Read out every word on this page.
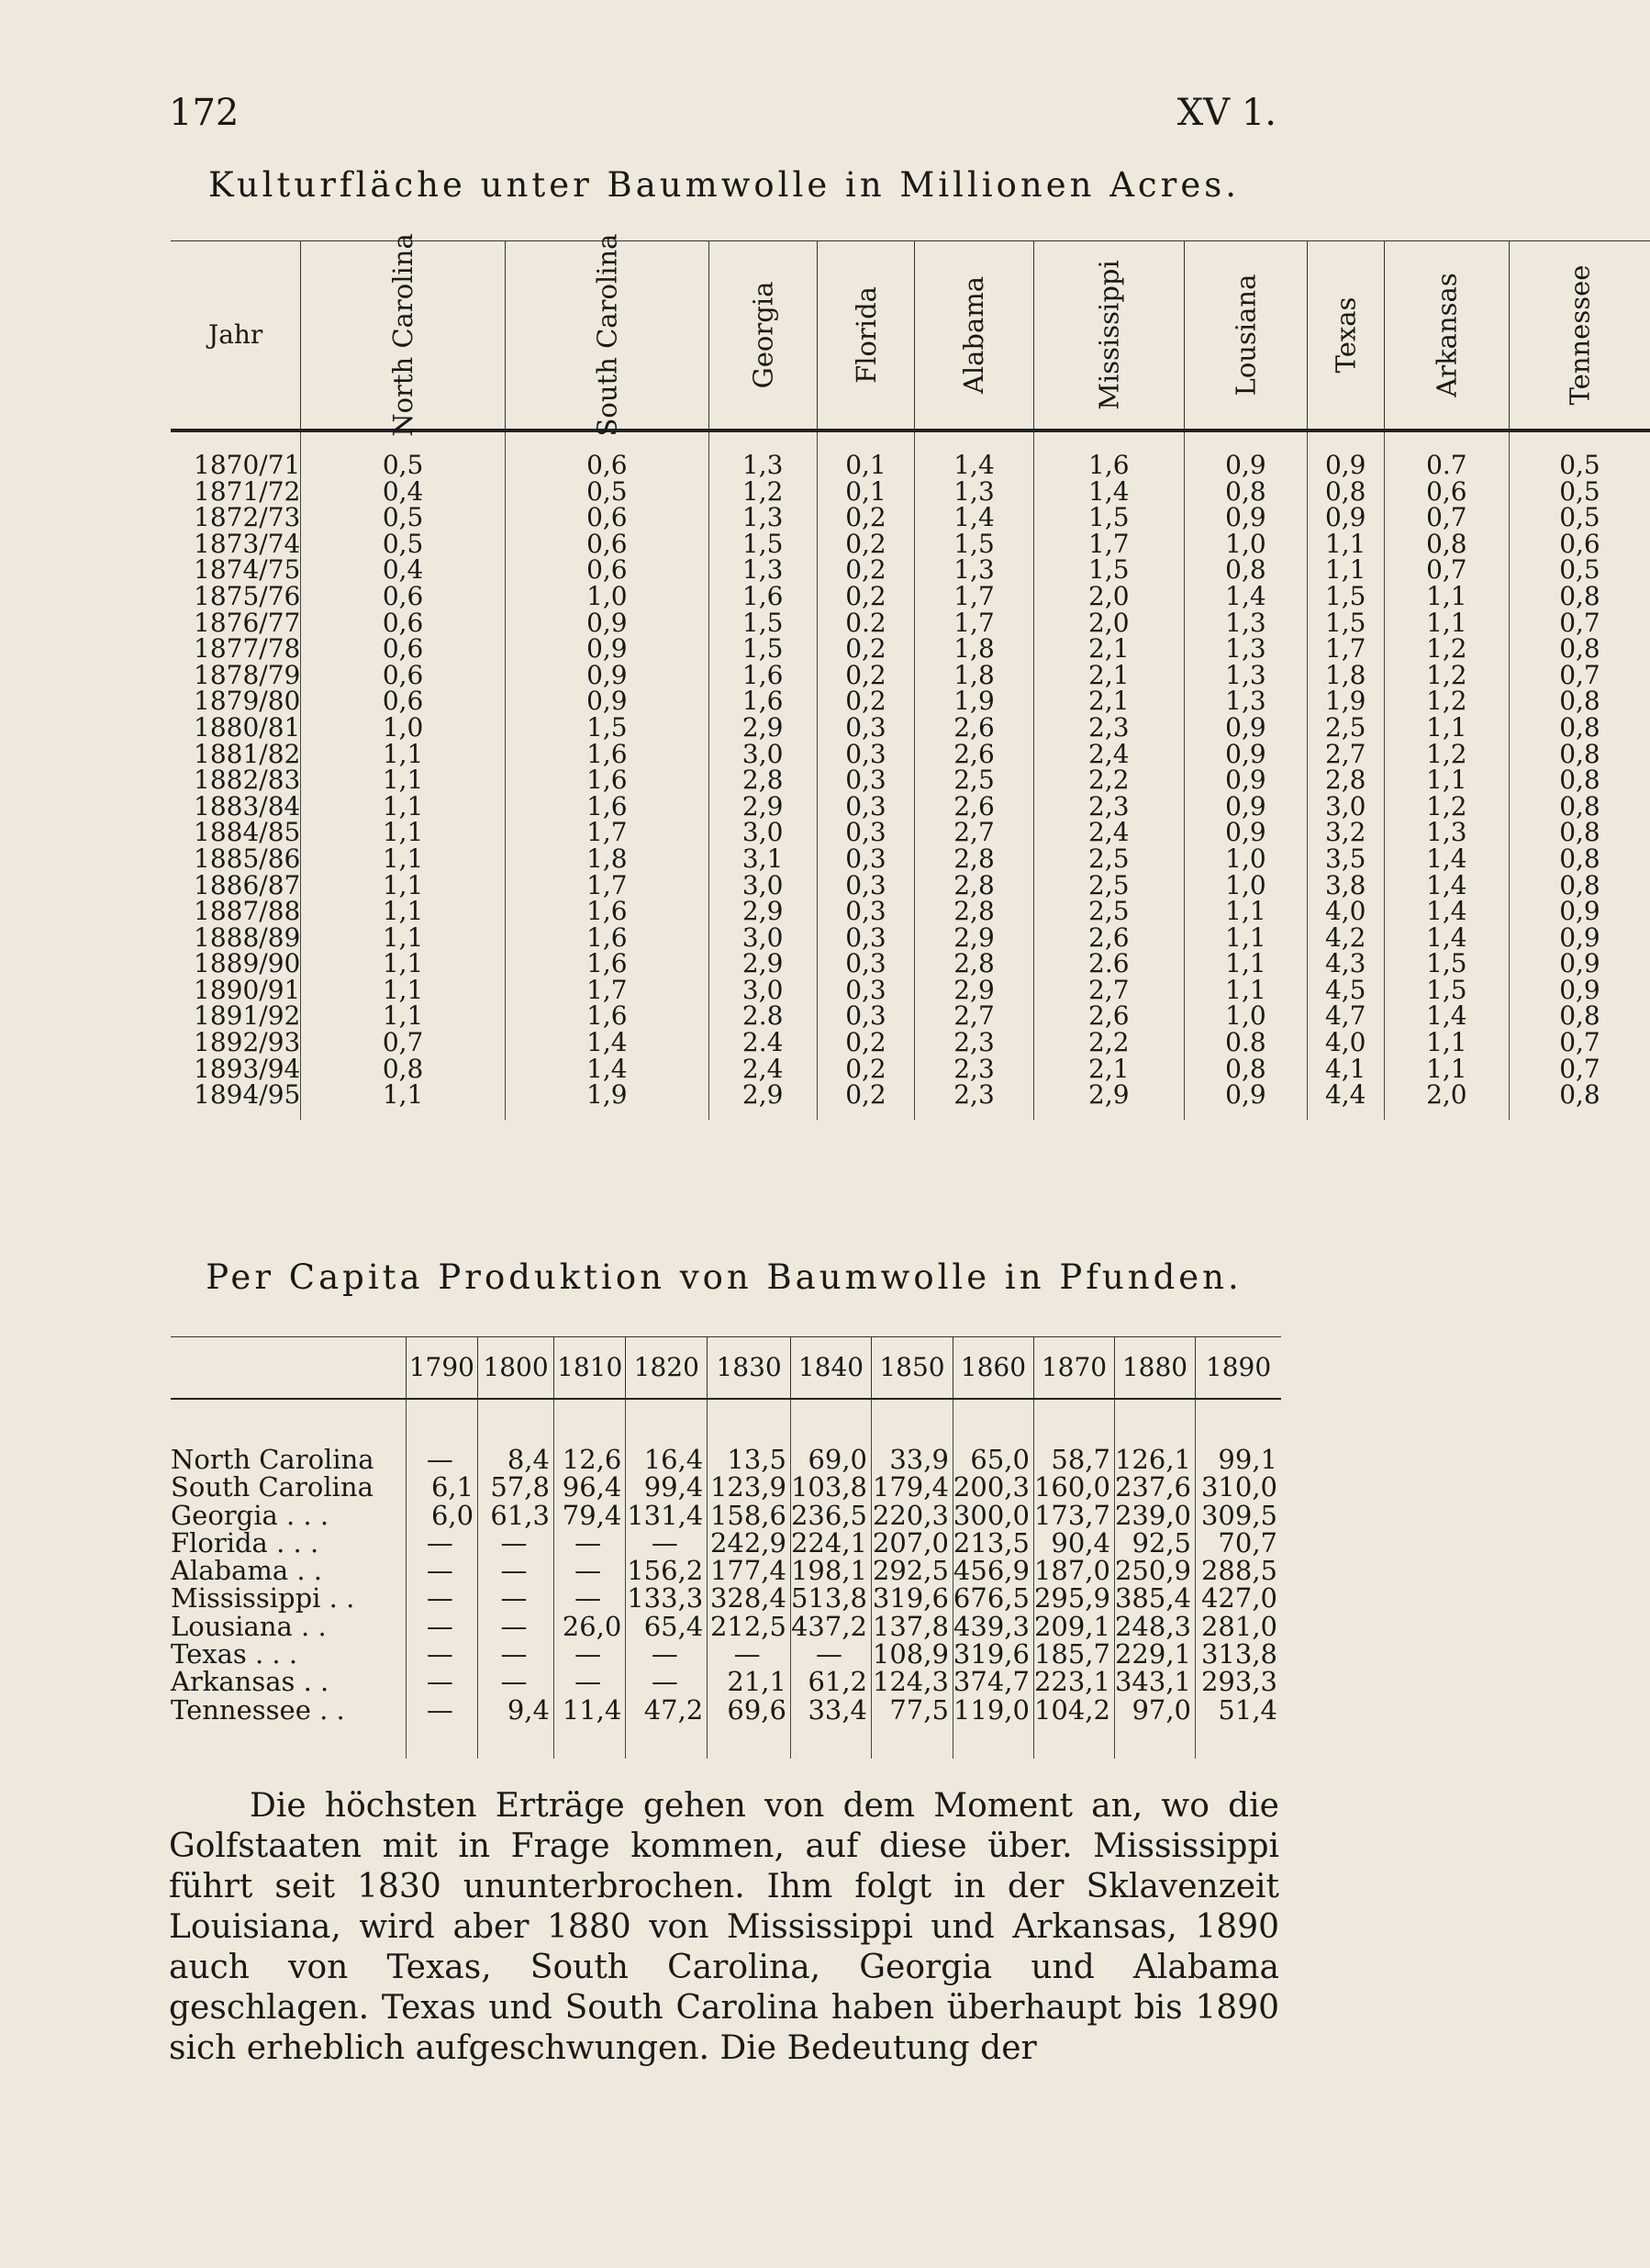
172	XV 1.
Kulturfläche unter Baumwolle in Millionen Acres.
Jahr	North Carolina	South Carolina	Georgia	Florida	Alabama	Mississippi	Lousiana	Texas	Arkansas	Tennessee
1870/71	0,5	0,6	1,3	0,1	1,4	1,6	0,9	0,9	0.7	0,5
1871/72	0,4	0,5	1,2	0,1	1,3	1,4	0,8	0,8	0,6	0,5
1872/73	0,5	0,6	1,3	0,2	1,4	1,5	0,9	0,9	0,7	0,5
1873/74	0,5	0,6	1,5	0,2	1,5	1,7	1,0	1,1	0,8	0,6
1874/75	0,4	0,6	1,3	0,2	1,3	1,5	0,8	1,1	0,7	0,5
1875/76	0,6	1,0	1,6	0,2	1,7	2,0	1,4	1,5	1,1	0,8
1876/77	0,6	0,9	1,5	0.2	1,7	2,0	1,3	1,5	1,1	0,7
1877/78	0,6	0,9	1,5	0,2	1,8	2,1	1,3	1,7	1,2	0,8
1878/79	0,6	0,9	1,6	0,2	1,8	2,1	1,3	1,8	1,2	0,7
1879/80	0,6	0,9	1,6	0,2	1,9	2,1	1,3	1,9	1,2	0,8
1880/81	1,0	1,5	2,9	0,3	2,6	2,3	0,9	2,5	1,1	0,8
1881/82	1,1	1,6	3,0	0,3	2,6	2,4	0,9	2,7	1,2	0,8
1882/83	1,1	1,6	2,8	0,3	2,5	2,2	0,9	2,8	1,1	0,8
1883/84	1,1	1,6	2,9	0,3	2,6	2,3	0,9	3,0	1,2	0,8
1884/85	1,1	1,7	3,0	0,3	2,7	2,4	0,9	3,2	1,3	0,8
1885/86	1,1	1,8	3,1	0,3	2,8	2,5	1,0	3,5	1,4	0,8
1886/87	1,1	1,7	3,0	0,3	2,8	2,5	1,0	3,8	1,4	0,8
1887/88	1,1	1,6	2,9	0,3	2,8	2,5	1,1	4,0	1,4	0,9
1888/89	1,1	1,6	3,0	0,3	2,9	2,6	1,1	4,2	1,4	0,9
1889/90	1,1	1,6	2,9	0,3	2,8	2.6	1,1	4,3	1,5	0,9
1890/91	1,1	1,7	3,0	0,3	2,9	2,7	1,1	4,5	1,5	0,9
1891/92	1,1	1,6	2.8	0,3	2,7	2,6	1,0	4,7	1,4	0,8
1892/93	0,7	1,4	2.4	0,2	2,3	2,2	0.8	4,0	1,1	0,7
1893/94	0,8	1,4	2,4	0,2	2,3	2,1	0,8	4,1	1,1	0,7
1894/95	1,1	1,9	2,9	0,2	2,3	2,9	0,9	4,4	2,0	0,8
Per Capita Produktion von Baumwolle in Pfunden.
	1790	1800	1810	1820	1830	1840	1850	1860	1870	1880	1890
North Carolina	—	8,4	12,6	16,4	13,5	69,0	33,9	65,0	58,7	126,1	99,1
South Carolina	6,1	57,8	96,4	99,4	123,9	103,8	179,4	200,3	160,0	237,6	310,0
Georgia . . .	6,0	61,3	79,4	131,4	158,6	236,5	220,3	300,0	173,7	239,0	309,5
Florida . . .	—	—	—	—	242,9	224,1	207,0	213,5	90,4	92,5	70,7
Alabama . .	—	—	—	156,2	177,4	198,1	292,5	456,9	187,0	250,9	288,5
Mississippi . .	—	—	—	133,3	328,4	513,8	319,6	676,5	295,9	385,4	427,0
Lousiana . .	—	—	26,0	65,4	212,5	437,2	137,8	439,3	209,1	248,3	281,0
Texas . . .	—	—	—	—	—	—	108,9	319,6	185,7	229,1	313,8
Arkansas . .	—	—	—	—	21,1	61,2	124,3	374,7	223,1	343,1	293,3
Tennessee . .	—	9,4	11,4	47,2	69,6	33,4	77,5	119,0	104,2	97,0	51,4

Die höchsten Erträge gehen von dem Moment an, wo die Golfstaaten mit in Frage kommen, auf diese über. Mississippi führt seit 1830 ununterbrochen. Ihm folgt in der Sklavenzeit Louisiana, wird aber 1880 von Mississippi und Arkansas, 1890 auch von Texas, South Carolina, Georgia und Alabama geschlagen. Texas und South Carolina haben überhaupt bis 1890 sich erheblich aufgeschwungen. Die Bedeutung der
